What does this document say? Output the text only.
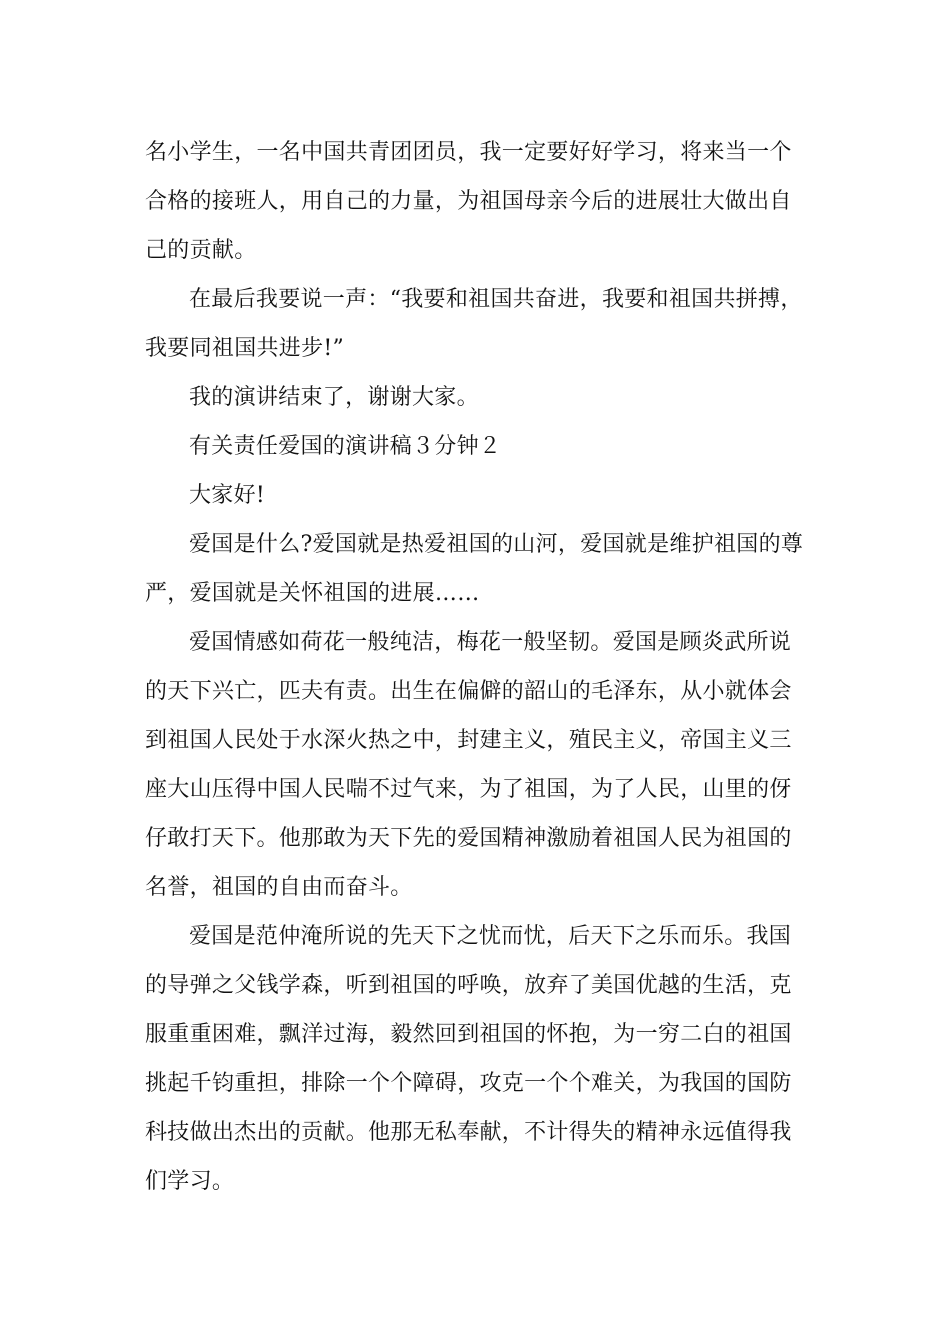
名小学生，一名中国共青团团员，我一定要好好学习，将来当一个
合格的接班人，用自己的力量，为祖国母亲今后的进展壮大做出自
己的贡献。
在最后我要说一声：“我要和祖国共奋进，我要和祖国共拼搏，
我要同祖国共进步!”
我的演讲结束了，谢谢大家。
有关责任爱国的演讲稿３分钟２
大家好!
爱国是什么?爱国就是热爱祖国的山河，爱国就是维护祖国的尊
严，爱国就是关怀祖国的进展……
爱国情感如荷花一般纯洁，梅花一般坚韧。爱国是顾炎武所说
的天下兴亡，匹夫有责。出生在偏僻的韶山的毛泽东，从小就体会
到祖国人民处于水深火热之中，封建主义，殖民主义，帝国主义三
座大山压得中国人民喘不过气来，为了祖国，为了人民，山里的伢
仔敢打天下。他那敢为天下先的爱国精神激励着祖国人民为祖国的
名誉，祖国的自由而奋斗。
爱国是范仲淹所说的先天下之忧而忧，后天下之乐而乐。我国
的导弹之父钱学森，听到祖国的呼唤，放弃了美国优越的生活，克
服重重困难，飘洋过海，毅然回到祖国的怀抱，为一穷二白的祖国
挑起千钧重担，排除一个个障碍，攻克一个个难关，为我国的国防
科技做出杰出的贡献。他那无私奉献，不计得失的精神永远值得我
们学习。
